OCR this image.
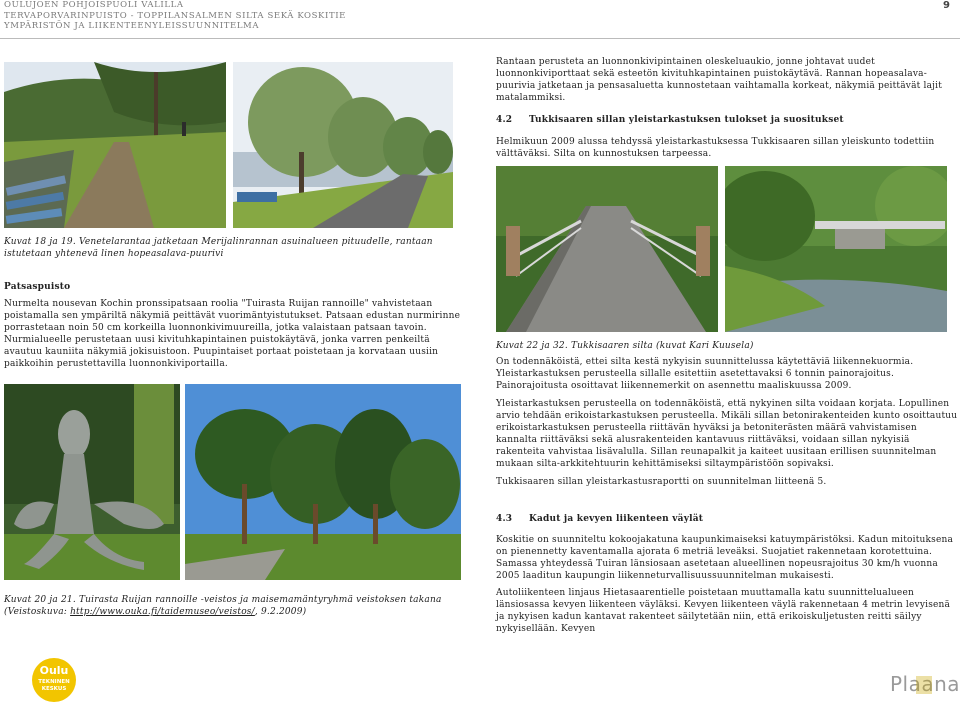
OULUJOEN POHJOISPUOLI VÄLILLÄ
TERVAPORVARINPUISTO - TOPPILANSALMEN SILTA SEKÄ KOSKITIE
YMPÄRISTÖN JA LIIKENTEENYLEISSUUNNITELMA
9
Rantaan perusteta an luonnonkivipintainen oleskeluaukio, jonne johtavat uudet luonnonkiviporttaat sekä esteetön kivituhkapintainen puistokäytävä. Rannan hopeasalava-puurivia jatketaan ja pensasaluetta kunnostetaan vaihtamalla korkeat, näkymiä peittävät lajit matalammiksi.
4.2 Tukkisaaren sillan yleistarkastuksen tulokset ja suositukset
Helmikuun 2009 alussa tehdyssä yleistarkastuksessa Tukkisaaren sillan yleiskunto todettiin välttäväksi. Silta on kunnostuksen tarpeessa.
Kuvat 18 ja 19. Venetelarantaa jatketaan Merijalinrannan asuinalueen pituudelle, rantaan istutetaan yhtenevä linen hopeasalava-puurivi
Patsaspuisto
Nurmelta nousevan Kochin pronssipatsaan roolia "Tuirasta Ruijan rannoille" vahvistetaan poistamalla sen ympäriltä näkymiä peittävät vuorimäntyistutukset. Patsaan edustan nurmirinne porrastetaan noin 50 cm korkeilla luonnonkivimuureilla, jotka valaistaan patsaan tavoin. Nurmialueelle perustetaan uusi kivituhkapintainen puistokäytävä, jonka varren penkeiltä avautuu kauniita näkymiä jokisuistoon. Puupintaiset portaat poistetaan ja korvataan uusiin paikkoihin perustettavilla luonnonkiviportailla.
Kuvat 20 ja 21. Tuirasta Ruijan rannoille -veistos ja maisemamäntyryhmä veistoksen takana (Veistoskuva: http://www.ouka.fi/taidemuseo/veistos/, 9.2.2009)
Kuvat 22 ja 32. Tukkisaaren silta (kuvat Kari Kuusela)
On todennäköistä, ettei silta kestä nykyisin suunnittelussa käytettäviä liikennekuormia. Yleistarkastuksen perusteella sillalle esitettiin asetettavaksi 6 tonnin painorajoitus. Painorajoitusta osoittavat liikennemerkit on asennettu maaliskuussa 2009.
Yleistarkastuksen perusteella on todennäköistä, että nykyinen silta voidaan korjata. Lopullinen arvio tehdään erikoistarkastuksen perusteella. Mikäli sillan betonirakenteiden kunto osoittautuu erikoistarkastuksen perusteella riittävän hyväksi ja betoniterästen määrä vahvistamisen kannalta riittäväksi sekä alusrakenteiden kantavuus riittäväksi, voidaan sillan nykyisiä rakenteita vahvistaa lisävalulla. Sillan reunapalkit ja kaiteet uusitaan erillisen suunnitelman mukaan silta-arkkitehtuurin kehittämiseksi siltaympäristöön sopivaksi.
Tukkisaaren sillan yleistarkastusraportti on suunnitelman liitteenä 5.
4.3 Kadut ja kevyen liikenteen väylät
Koskitie on suunniteltu kokoojakatuna kaupunkimaiseksi katuympäristöksi. Kadun mitoituksena on pienennetty kaventamalla ajorata 6 metriä leveäksi. Suojatiet rakennetaan korotettuina. Samassa yhteydessä Tuiran länsiosaan asetetaan alueellinen nopeusrajoitus 30 km/h vuonna 2005 laaditun kaupungin liikenneturvallisuussuunnitelman mukaisesti.
Autoliikenteen linjaus Hietasaarentielle poistetaan muuttamalla katu suunnittelualueen länsiosassa kevyen liikenteen väyläksi. Kevyen liikenteen väylä rakennetaan 4 metrin levyisenä ja nykyisen kadun kantavat rakenteet säilytetään niin, että erikoiskuljetusten reitti säilyy nykyisellään. Kevyen
Oulu
TEKNINEN
KESKUS	Plaana
